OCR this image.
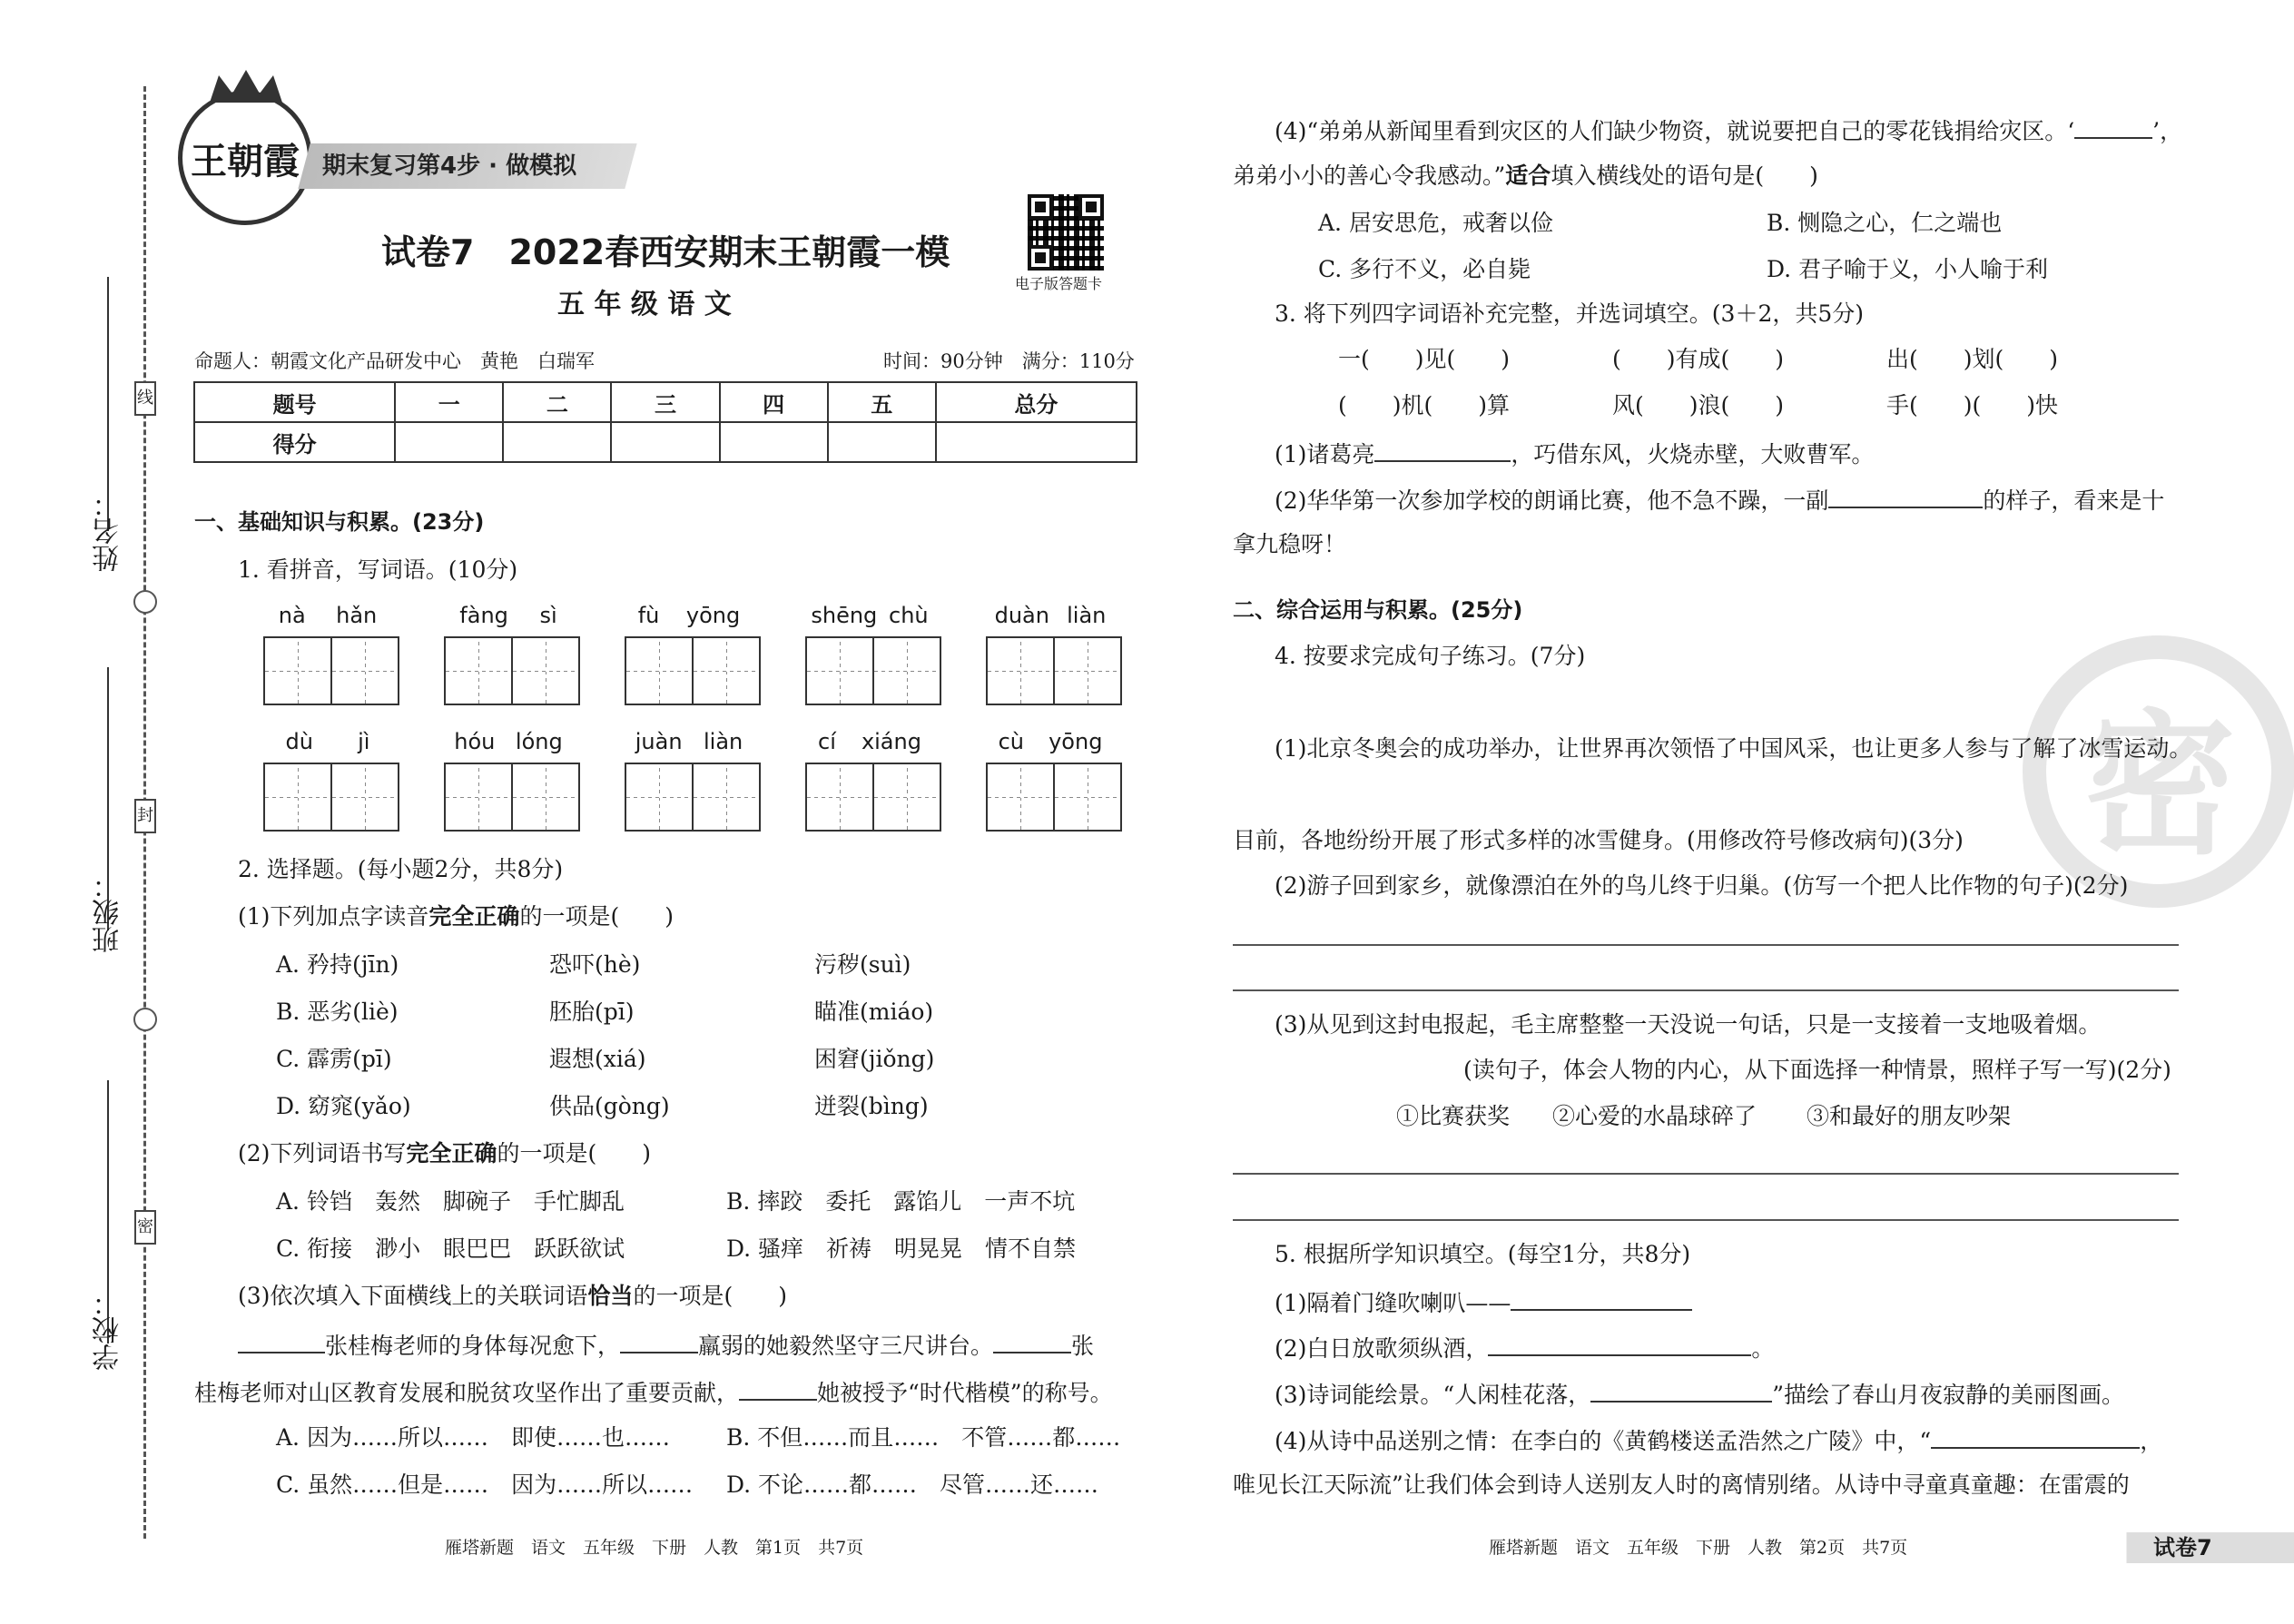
姓名：
班级：
学校：
线
封
密
王朝霞 期末复习第4步 · 做模拟
试卷7　2022春西安期末王朝霞一模
电子版答题卡
五 年 级 语 文
命题人：朝霞文化产品研发中心　黄艳　白瑞军	时间：90分钟　满分：110分
题号	一	二	三	四	五	总分
得分						
一、基础知识与积累。(23分)
1. 看拼音，写词语。(10分)
2. 选择题。(每小题2分，共8分)
(1)下列加点字读音完全正确的一项是(　　)
A. 矜持(jīn)	恐吓(hè)	污秽(suì)
B. 恶劣(liè)	胚胎(pī)	瞄准(miáo)
C. 霹雳(pī)	遐想(xiá)	困窘(jiǒng)
D. 窈窕(yǎo)	供品(gòng)	迸裂(bìng)
(2)下列词语书写完全正确的一项是(　　)
A. 铃铛　轰然　脚碗子　手忙脚乱	B. 摔跤　委托　露馅儿　一声不坑
C. 衔接　渺小　眼巴巴　跃跃欲试	D. 骚痒　祈祷　明晃晃　情不自禁
(3)依次填入下面横线上的关联词语恰当的一项是(　　)
张桂梅老师的身体每况愈下，	羸弱的她毅然坚守三尺讲台。	张
桂梅老师对山区教育发展和脱贫攻坚作出了重要贡献，	她被授予“时代楷模”的称号。
A. 因为……所以……　即使……也…… B. 不但……而且……　不管……都……
C. 虽然……但是……　因为……所以…… D. 不论……都……　尽管……还……
雁塔新题　语文　五年级　下册　人教　第1页　共7页
密
(4)“弟弟从新闻里看到灾区的人们缺少物资，就说要把自己的零花钱捐给灾区。‘	’，
弟弟小小的善心令我感动。”适合填入横线处的语句是(　　)
A. 居安思危，戒奢以俭	B. 恻隐之心，仁之端也
C. 多行不义，必自毙	D. 君子喻于义，小人喻于利
3. 将下列四字词语补充完整，并选词填空。(3＋2，共5分)
一(　　)见(　　)	(　　)有成(　　)	出(　　)划(　　)
(　　)机(　　)算	风(　　)浪(　　)	手(　　)(　　)快
(1)诸葛亮	，巧借东风，火烧赤壁，大败曹军。
(2)华华第一次参加学校的朗诵比赛，他不急不躁，一副	的样子，看来是十
拿九稳呀！
二、综合运用与积累。(25分)
4. 按要求完成句子练习。(7分)
(1)北京冬奥会的成功举办，让世界再次领悟了中国风采，也让更多人参与了解了冰雪运动。
目前，各地纷纷开展了形式多样的冰雪健身。(用修改符号修改病句)(3分)
(2)游子回到家乡，就像漂泊在外的鸟儿终于归巢。(仿写一个把人比作物的句子)(2分)
(3)从见到这封电报起，毛主席整整一天没说一句话，只是一支接着一支地吸着烟。
(读句子，体会人物的内心，从下面选择一种情景，照样子写一写)(2分)
①比赛获奖 ②心爱的水晶球碎了 ③和最好的朋友吵架
5. 根据所学知识填空。(每空1分，共8分)
(1)隔着门缝吹喇叭——
(2)白日放歌须纵酒，	。
(3)诗词能绘景。“人闲桂花落，	”描绘了春山月夜寂静的美丽图画。
(4)从诗中品送别之情：在李白的《黄鹤楼送孟浩然之广陵》中，“	，
唯见长江天际流”让我们体会到诗人送别友人时的离情别绪。从诗中寻童真童趣：在雷震的
雁塔新题　语文　五年级　下册　人教　第2页　共7页	试卷7
nà hǎn	fàng sì	fù yōng	shēng chù	duàn liàn
dù jì	hóu lóng	juàn liàn	cí xiáng	cù yōng
